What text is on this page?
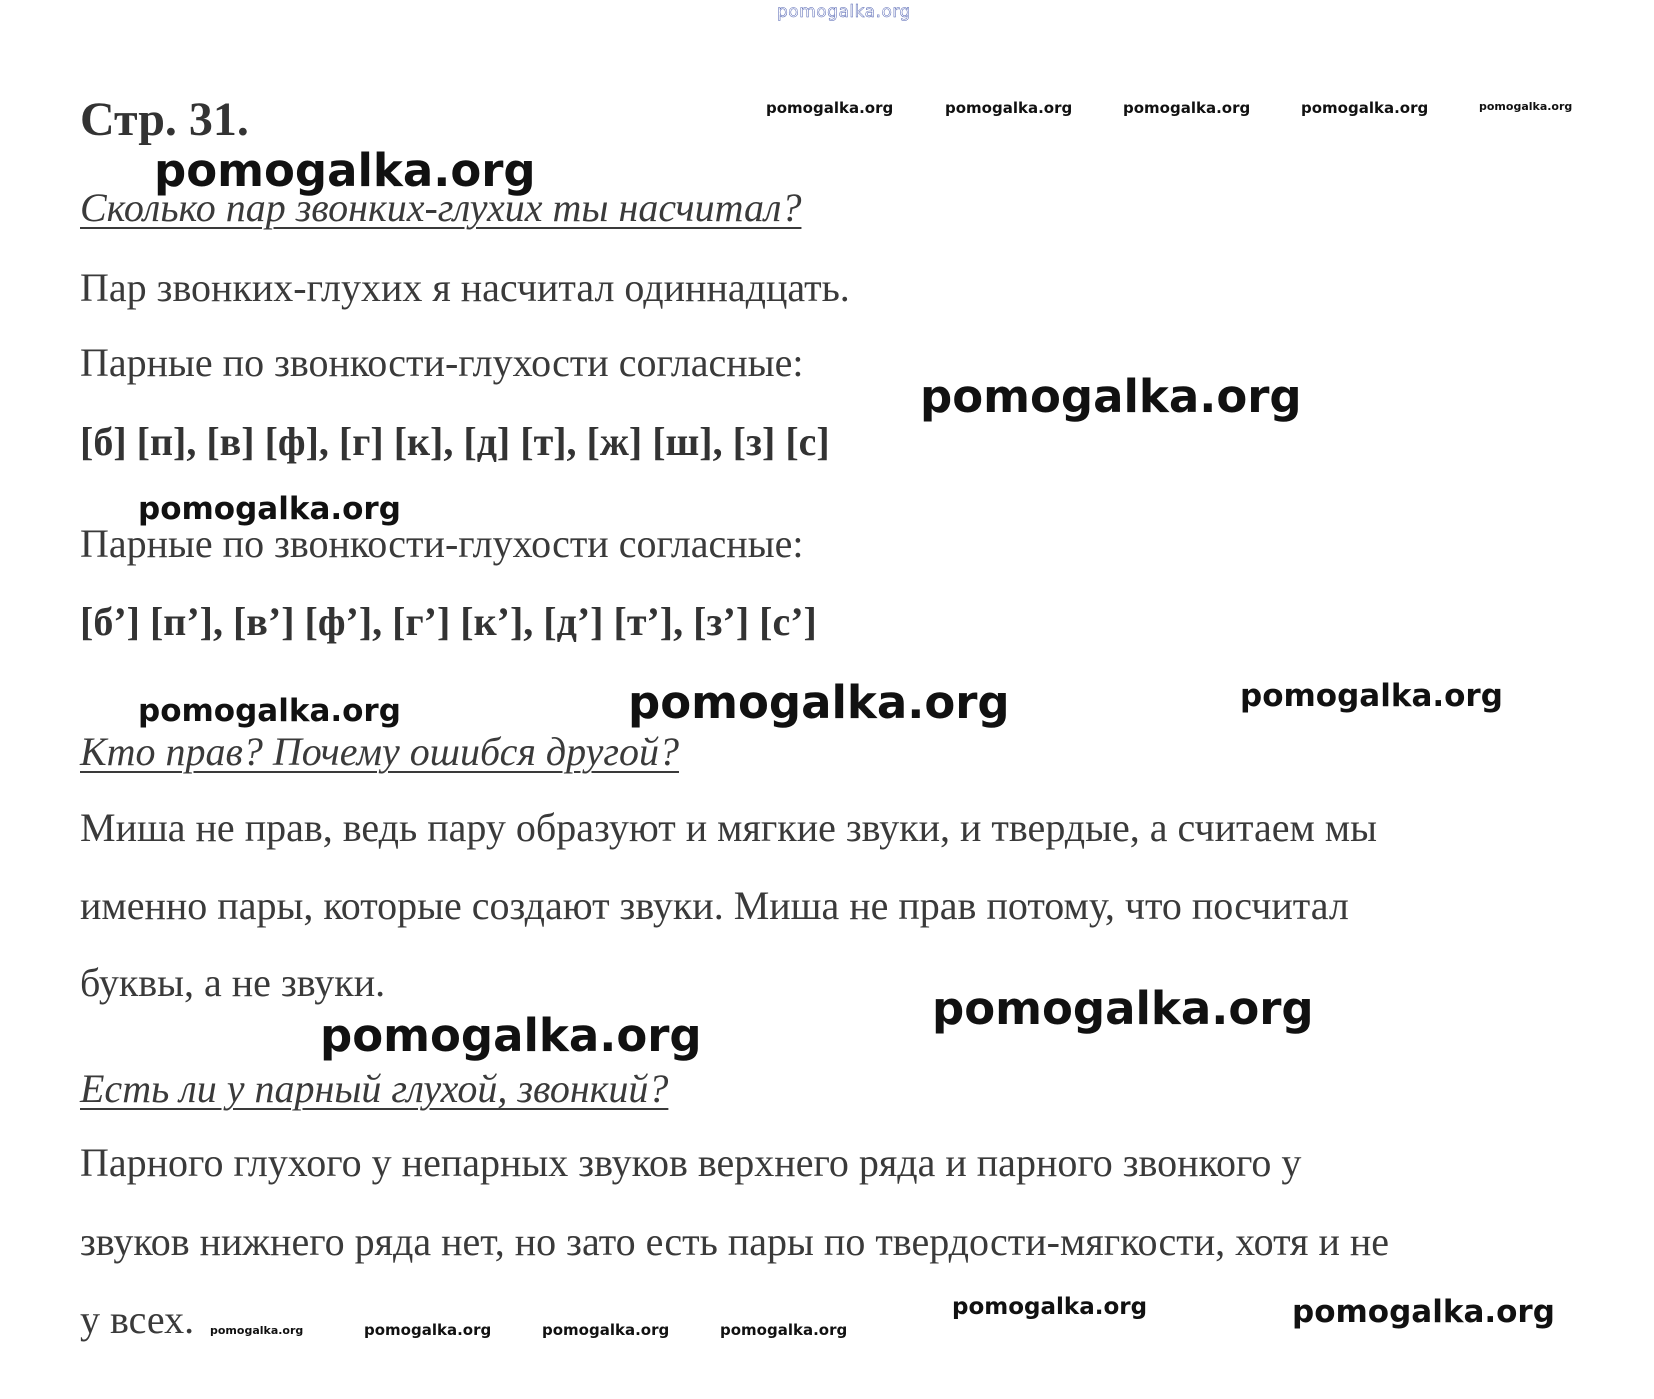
pomogalka.org
pomogalka.org	pomogalka.org	pomogalka.org	pomogalka.org	pomogalka.org
Стр. 31.
pomogalka.org
Сколько пар звонких-глухих ты насчитал?
Пар звонких-глухих я насчитал одиннадцать.
Парные по звонкости-глухости согласные:
pomogalka.org
[б] [п], [в] [ф], [г] [к], [д] [т], [ж] [ш], [з] [с]
pomogalka.org
Парные по звонкости-глухости согласные:
[б’] [п’], [в’] [ф’], [г’] [к’], [д’] [т’], [з’] [с’]
pomogalka.org	pomogalka.org	pomogalka.org
Кто прав? Почему ошибся другой?
Миша не прав, ведь пару образуют и мягкие звуки, и твердые, а считаем мы
именно пары, которые создают звуки. Миша не прав потому, что посчитал
буквы, а не звуки.	pomogalka.org
pomogalka.org
Есть ли у парный глухой, звонкий?
Парного глухого у непарных звуков верхнего ряда и парного звонкого у
звуков нижнего ряда нет, но зато есть пары по твердости-мягкости, хотя и не
у всех. pomogalka.org	pomogalka.org	pomogalka.org	pomogalka.org
pomogalka.org	pomogalka.org
